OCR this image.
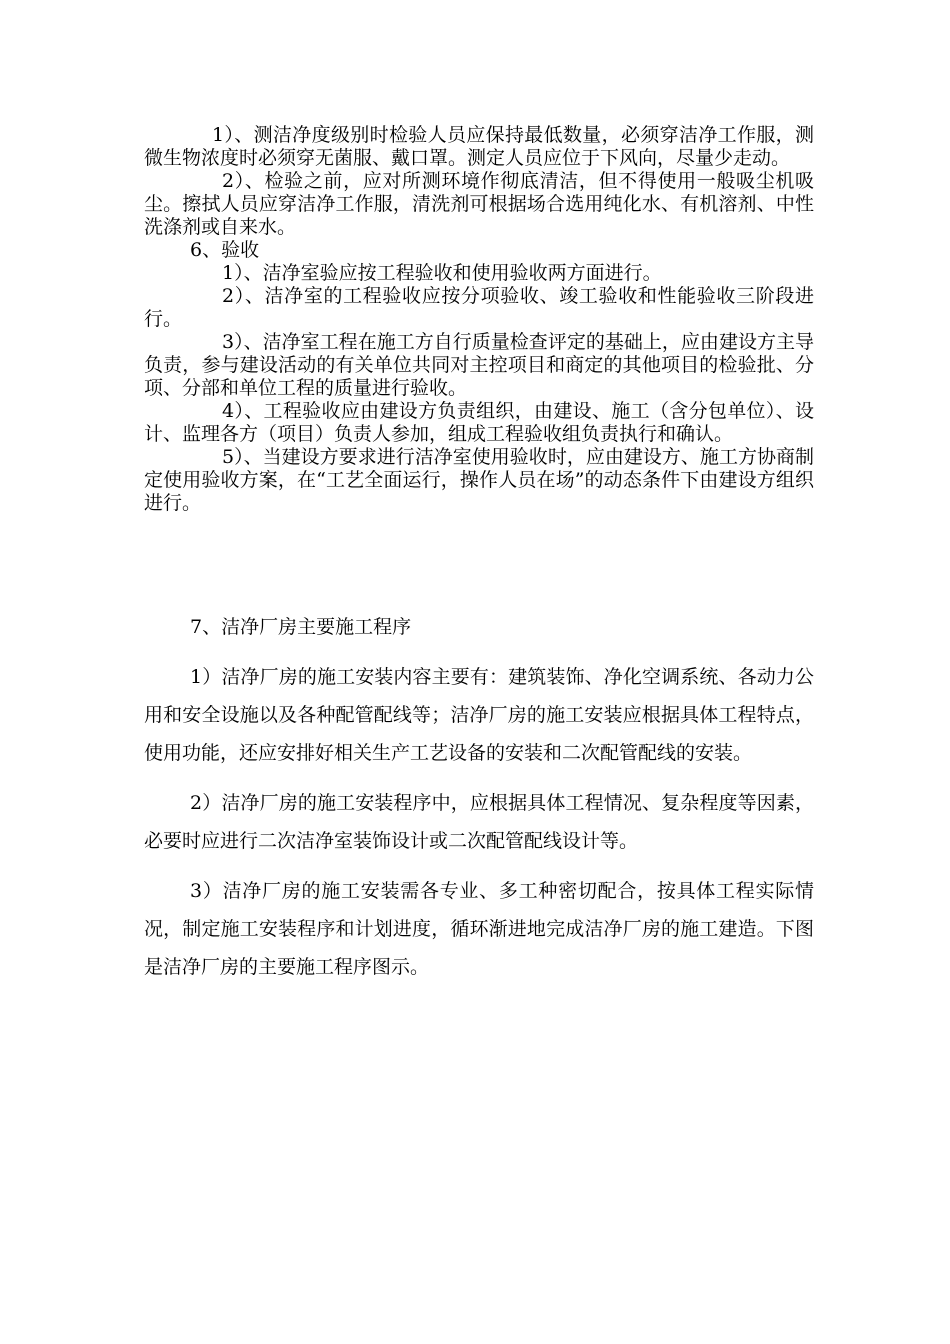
1）、测洁净度级别时检验人员应保持最低数量，必须穿洁净工作服，测微生物浓度时必须穿无菌服、戴口罩。测定人员应位于下风向，尽量少走动。

2）、检验之前，应对所测环境作彻底清洁，但不得使用一般吸尘机吸尘。擦拭人员应穿洁净工作服，清洗剂可根据场合选用纯化水、有机溶剂、中性洗涤剂或自来水。

6、验收

1）、洁净室验应按工程验收和使用验收两方面进行。

2）、洁净室的工程验收应按分项验收、竣工验收和性能验收三阶段进行。

3）、洁净室工程在施工方自行质量检查评定的基础上，应由建设方主导负责，参与建设活动的有关单位共同对主控项目和商定的其他项目的检验批、分项、分部和单位工程的质量进行验收。

4）、工程验收应由建设方负责组织，由建设、施工（含分包单位）、设计、监理各方（项目）负责人参加，组成工程验收组负责执行和确认。

5）、当建设方要求进行洁净室使用验收时，应由建设方、施工方协商制定使用验收方案，在“工艺全面运行，操作人员在场”的动态条件下由建设方组织进行。

7、洁净厂房主要施工程序

1）洁净厂房的施工安装内容主要有：建筑装饰、净化空调系统、各动力公用和安全设施以及各种配管配线等；洁净厂房的施工安装应根据具体工程特点，使用功能，还应安排好相关生产工艺设备的安装和二次配管配线的安装。

2）洁净厂房的施工安装程序中，应根据具体工程情况、复杂程度等因素，必要时应进行二次洁净室装饰设计或二次配管配线设计等。

3）洁净厂房的施工安装需各专业、多工种密切配合，按具体工程实际情况，制定施工安装程序和计划进度，循环渐进地完成洁净厂房的施工建造。下图是洁净厂房的主要施工程序图示。
